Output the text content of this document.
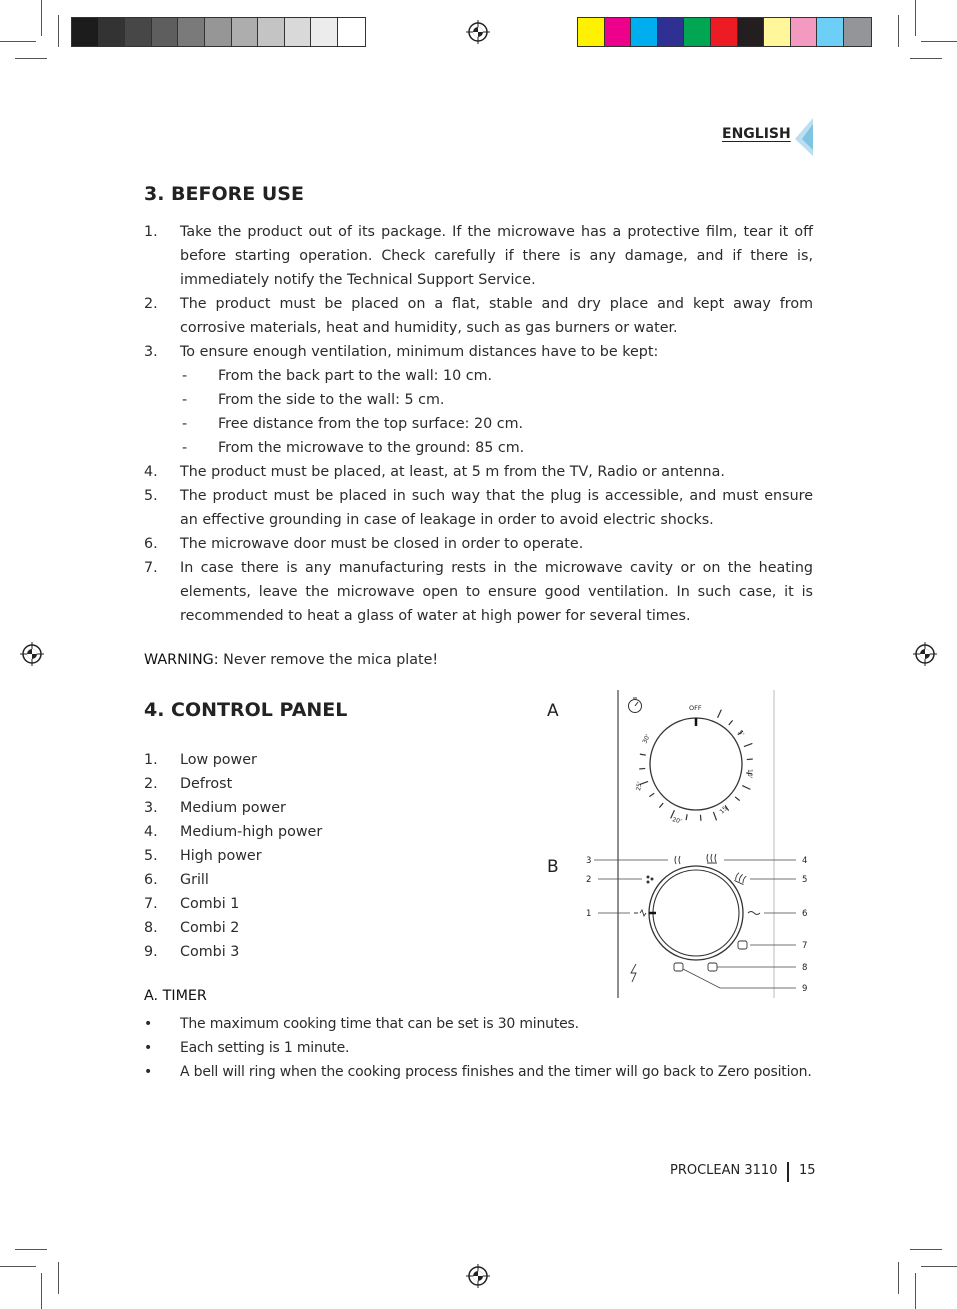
ENGLISH
3. BEFORE USE
1. Take the product out of its package. If the microwave has a protective film, tear it off before starting operation. Check carefully if there is any damage, and if there is, immediately notify the Technical Support Service.
2. The product must be placed on a flat, stable and dry place and kept away from corrosive materials, heat and humidity, such as gas burners or water.
3. To ensure enough ventilation, minimum distances have to be kept:
- From the back part to the wall: 10 cm.
- From the side to the wall: 5 cm.
- Free distance from the top surface: 20 cm.
- From the microwave to the ground: 85 cm.
4. The product must be placed, at least, at 5 m from the TV, Radio or antenna.
5. The product must be placed in such way that the plug is accessible, and must ensure an effective grounding in case of leakage in order to avoid electric shocks.
6. The microwave door must be closed in order to operate.
7. In case there is any manufacturing rests in the microwave cavity or on the heating elements, leave the microwave open to ensure good ventilation. In such case, it is recommended to heat a glass of water at high power for several times.
WARNING: Never remove the mica plate!
4. CONTROL PANEL
1. Low power
2. Defrost
3. Medium power
4. Medium-high power
5. High power
6. Grill
7. Combi 1
8. Combi 2
9. Combi 3
A. TIMER
• The maximum cooking time that can be set is 30 minutes.
• Each setting is 1 minute.
• A bell will ring when the cooking process finishes and the timer will go back to Zero position.
A
B
OFF
5'
10'
15'
20'
25'
30'
3
2
1
4
5
6
7
8
9
PROCLEAN 3110 15
